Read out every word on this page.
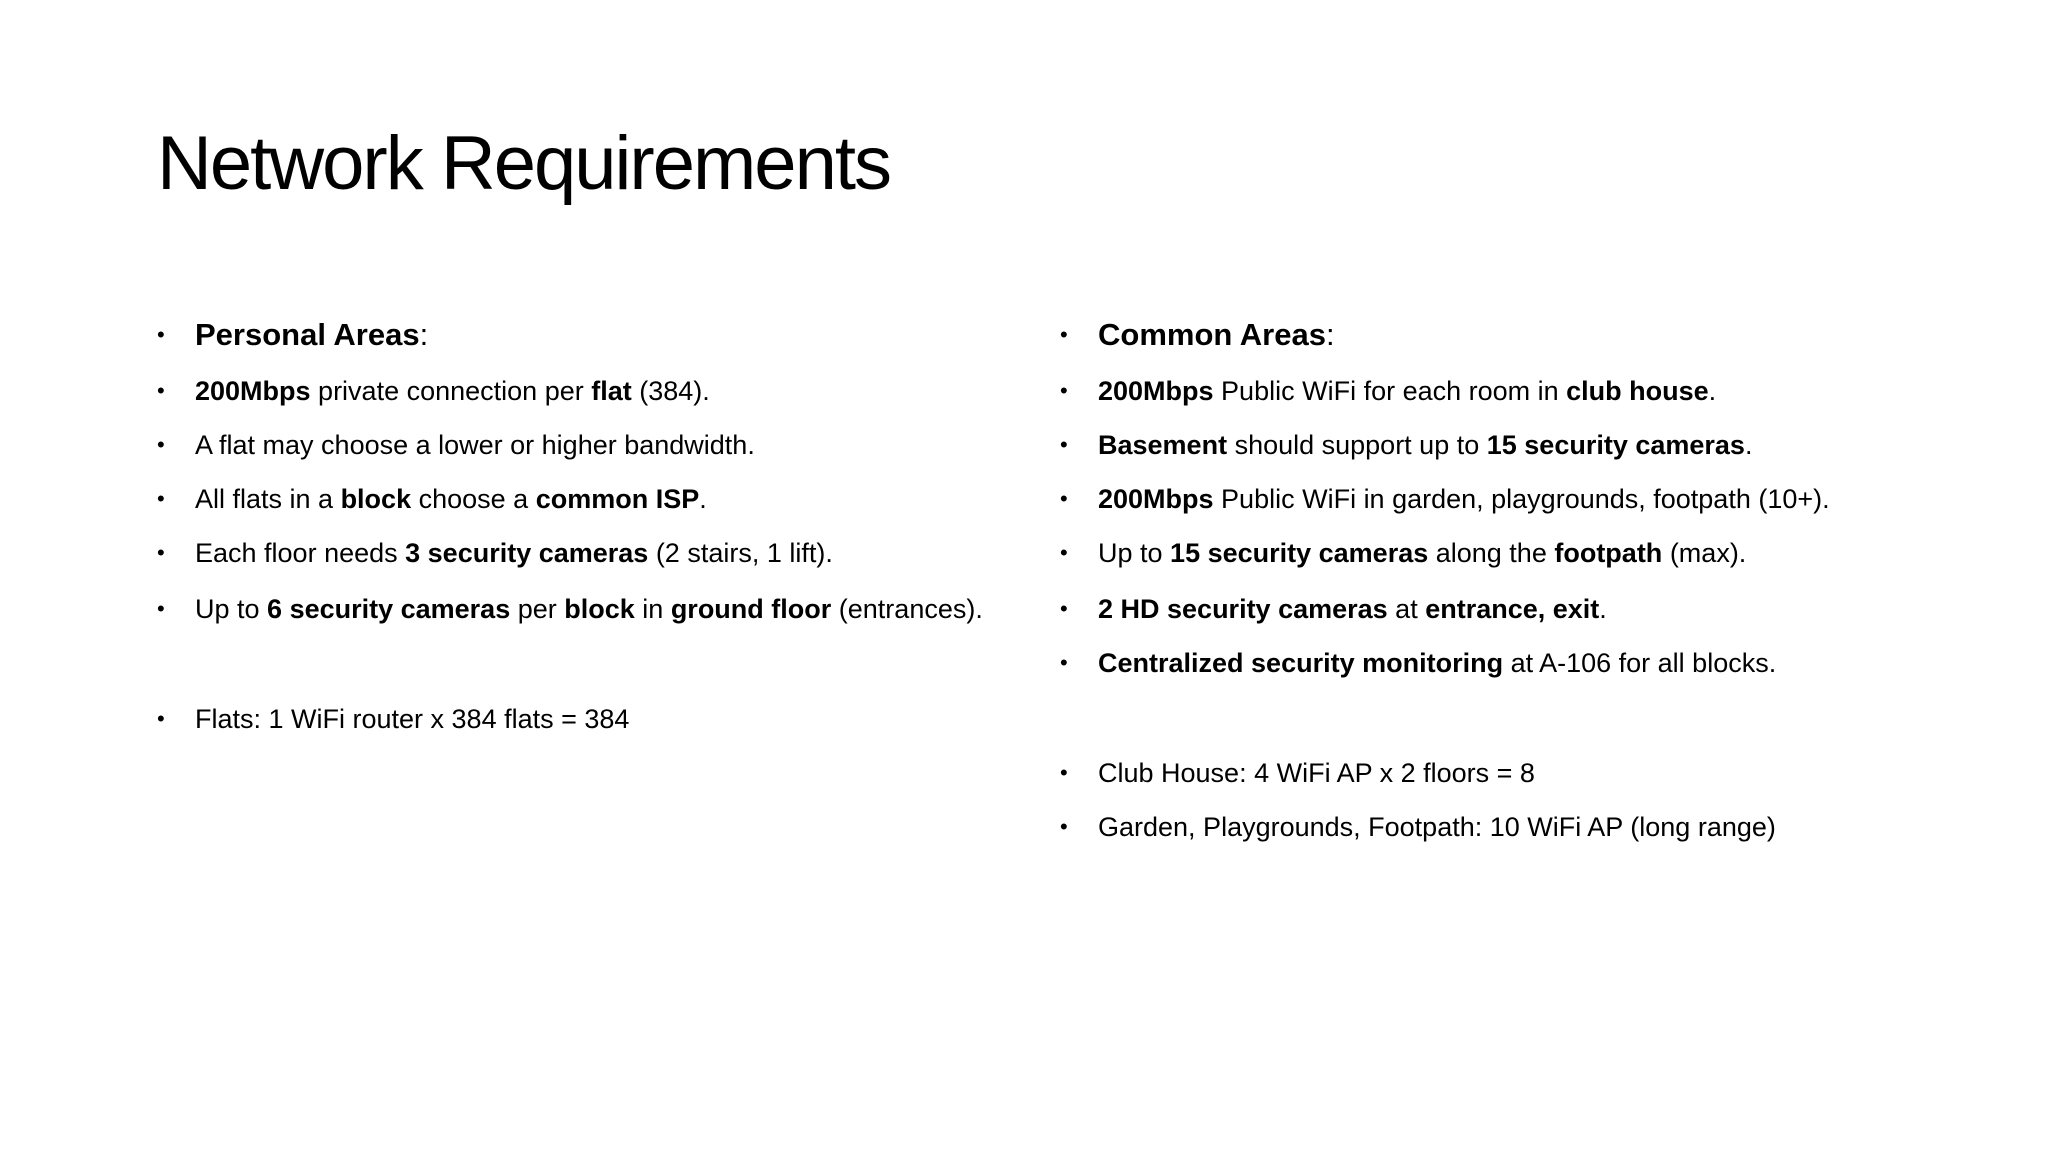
Network Requirements
• Personal Areas:
• 200Mbps private connection per flat (384).
• A flat may choose a lower or higher bandwidth.
• All flats in a block choose a common ISP.
• Each floor needs 3 security cameras (2 stairs, 1 lift).
• Up to 6 security cameras per block in ground floor (entrances).
• Flats: 1 WiFi router x 384 flats = 384
• Common Areas:
• 200Mbps Public WiFi for each room in club house.
• Basement should support up to 15 security cameras.
• 200Mbps Public WiFi in garden, playgrounds, footpath (10+).
• Up to 15 security cameras along the footpath (max).
• 2 HD security cameras at entrance, exit.
• Centralized security monitoring at A-106 for all blocks.
• Club House: 4 WiFi AP x 2 floors = 8
• Garden, Playgrounds, Footpath: 10 WiFi AP (long range)
